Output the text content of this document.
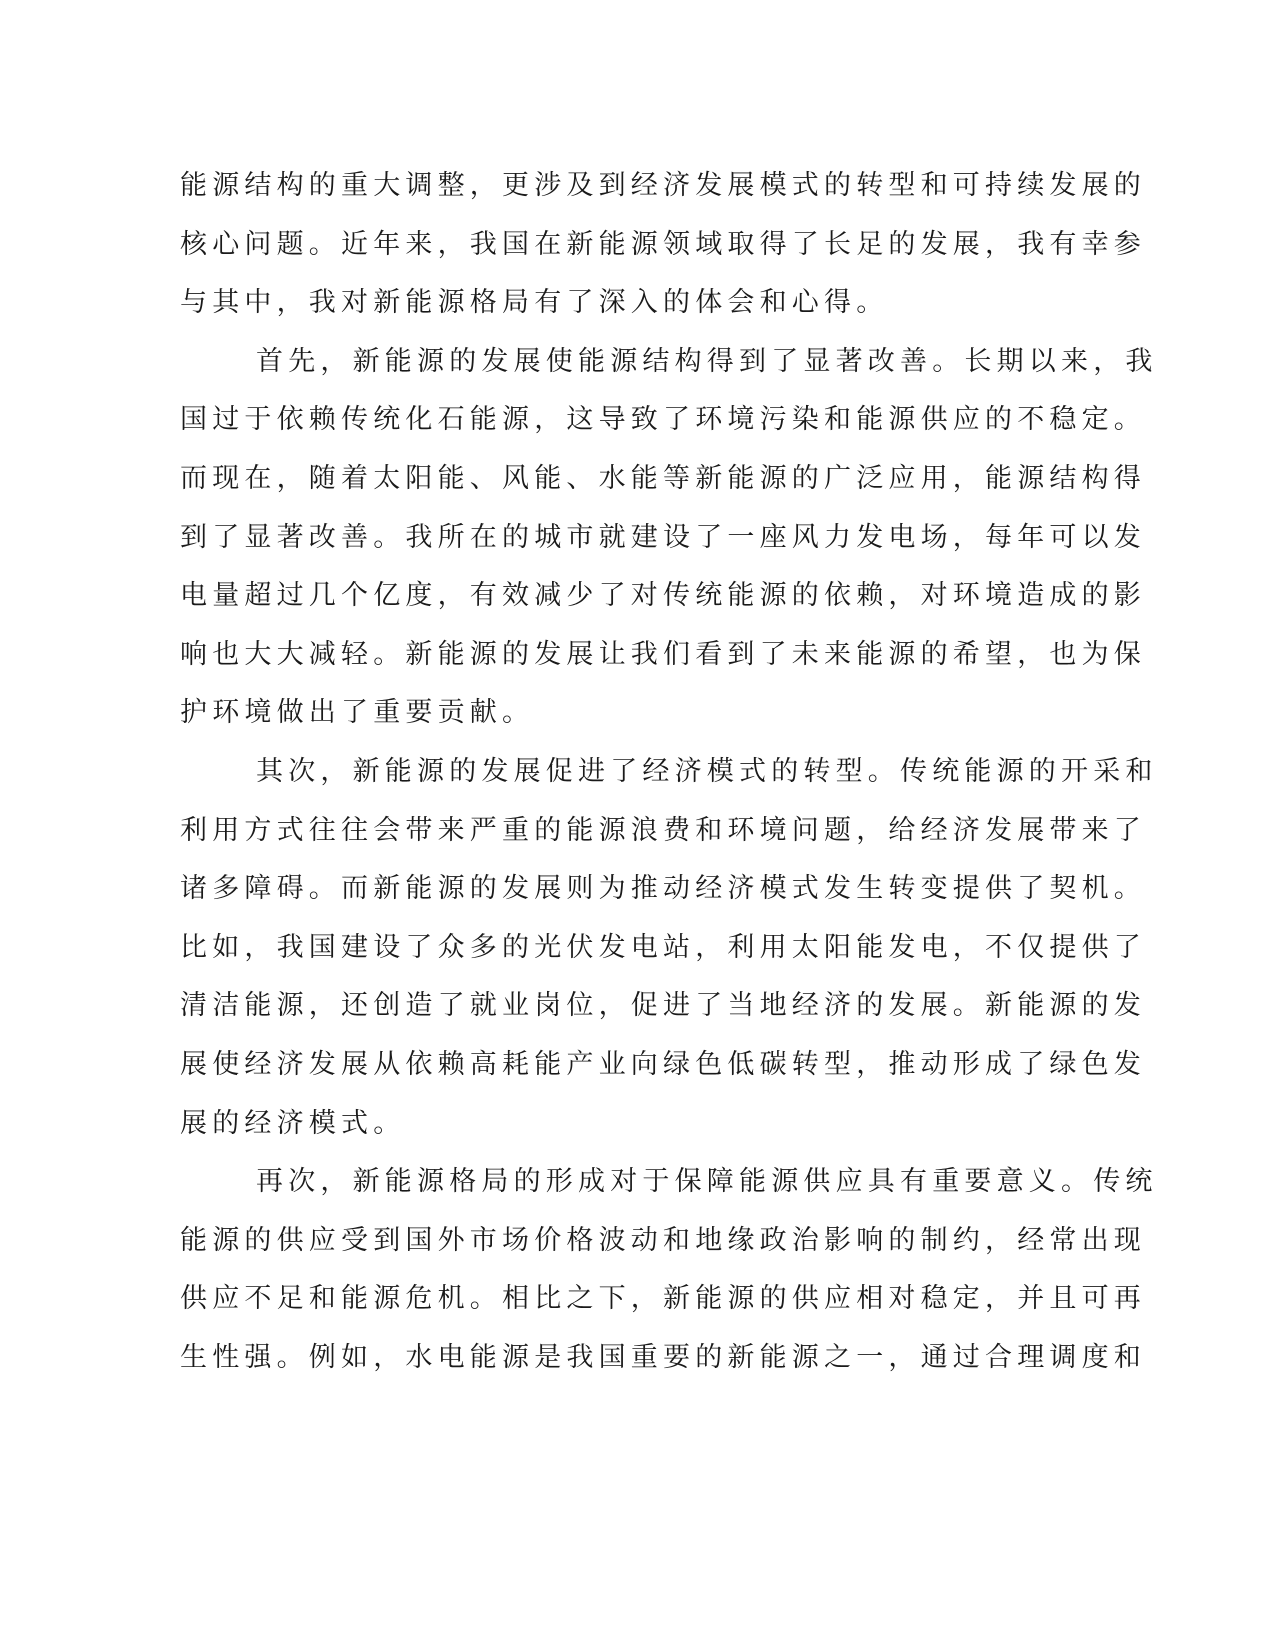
能源结构的重大调整，更涉及到经济发展模式的转型和可持续发展的
核心问题。近年来，我国在新能源领域取得了长足的发展，我有幸参
与其中，我对新能源格局有了深入的体会和心得。
首先，新能源的发展使能源结构得到了显著改善。长期以来，我
国过于依赖传统化石能源，这导致了环境污染和能源供应的不稳定。
而现在，随着太阳能、风能、水能等新能源的广泛应用，能源结构得
到了显著改善。我所在的城市就建设了一座风力发电场，每年可以发
电量超过几个亿度，有效减少了对传统能源的依赖，对环境造成的影
响也大大减轻。新能源的发展让我们看到了未来能源的希望，也为保
护环境做出了重要贡献。
其次，新能源的发展促进了经济模式的转型。传统能源的开采和
利用方式往往会带来严重的能源浪费和环境问题，给经济发展带来了
诸多障碍。而新能源的发展则为推动经济模式发生转变提供了契机。
比如，我国建设了众多的光伏发电站，利用太阳能发电，不仅提供了
清洁能源，还创造了就业岗位，促进了当地经济的发展。新能源的发
展使经济发展从依赖高耗能产业向绿色低碳转型，推动形成了绿色发
展的经济模式。
再次，新能源格局的形成对于保障能源供应具有重要意义。传统
能源的供应受到国外市场价格波动和地缘政治影响的制约，经常出现
供应不足和能源危机。相比之下，新能源的供应相对稳定，并且可再
生性强。例如，水电能源是我国重要的新能源之一，通过合理调度和
